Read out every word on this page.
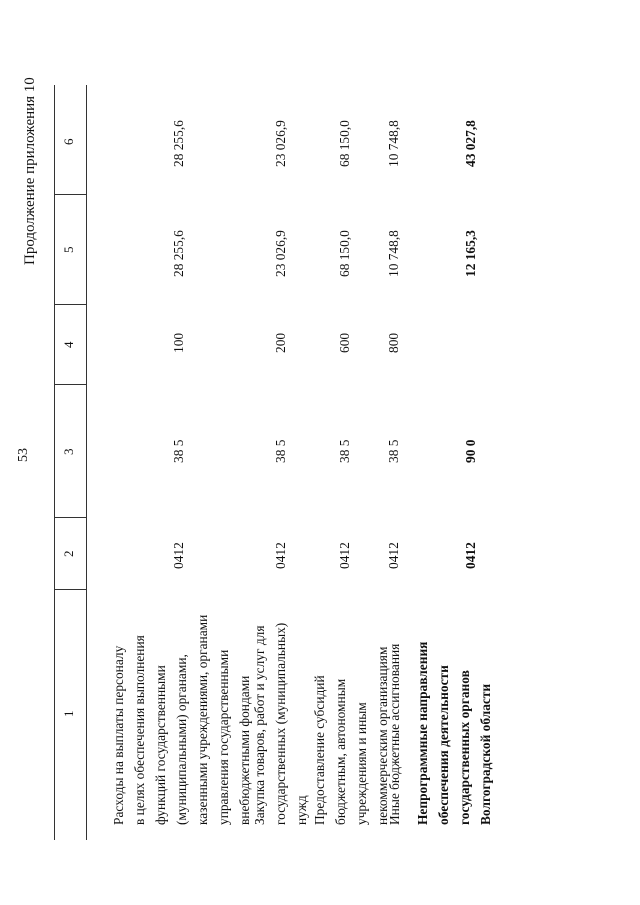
53
Продолжение приложения 10
1
2
3
4
5
6
Расходы на выплаты персоналу в целях обеспечения выполнения функций государственными (муниципальными) органами, казенными учреждениями, органами управления государственными внебюджетными фондами
0412
38 5
100
28 255,6
28 255,6
Закупка товаров, работ и услуг для государственных (муниципальных) нужд
0412
38 5
200
23 026,9
23 026,9
Предоставление субсидий бюджетным, автономным учреждениям и иным некоммерческим организациям
0412
38 5
600
68 150,0
68 150,0
Иные бюджетные ассигнования
0412
38 5
800
10 748,8
10 748,8
Непрограммные направления обеспечения деятельности государственных органов Волгоградской области
0412
90 0
12 165,3
43 027,8
